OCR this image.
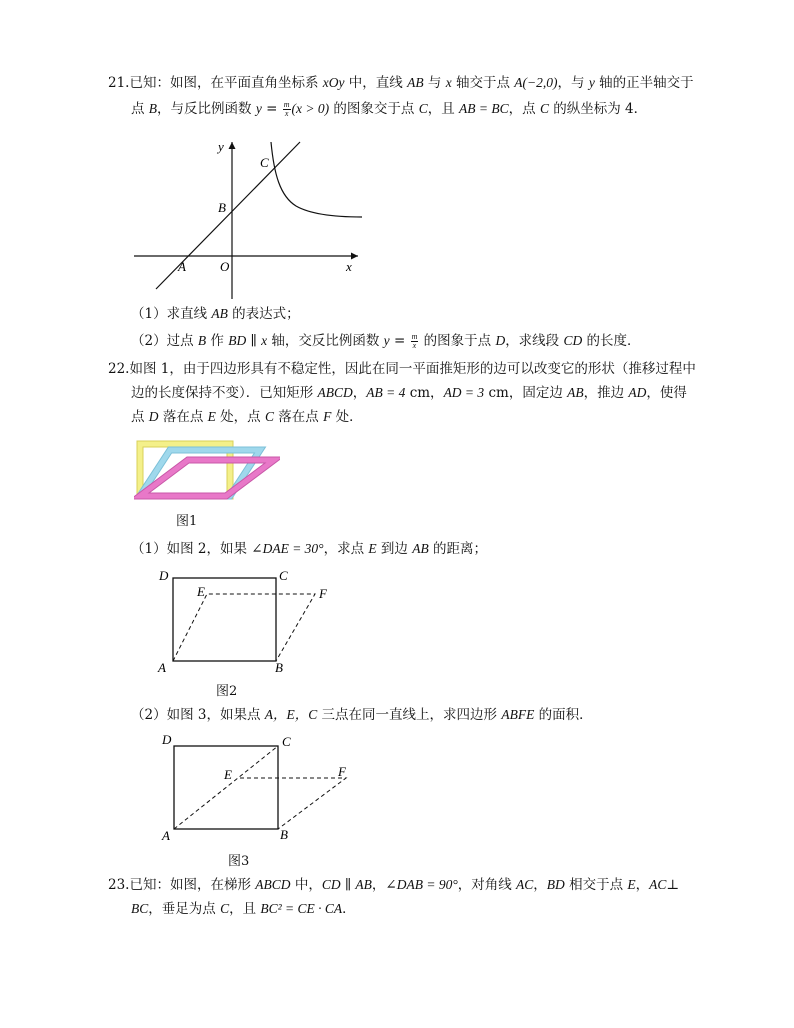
21.已知：如图，在平面直角坐标系 xOy 中，直线 AB 与 x 轴交于点 A(−2,0)，与 y 轴的正半轴交于
点 B，与反比例函数 $y = \frac{m}{x} (x > 0)$ 的图象交于点 C，且 AB = BC，点 C 的纵坐标为 4．
y
C
B
A	O	x
（1）求直线 AB 的表达式；
（2）过点 B 作 BD ∥ x 轴，交反比例函数 $y = \frac{m}{x}$ 的图象于点 D，求线段 CD 的长度．
22.如图 1，由于四边形具有不稳定性，因此在同一平面推矩形的边可以改变它的形状（推移过程中
边的长度保持不变）．已知矩形 ABCD，AB = 4 cm，AD = 3 cm，固定边 AB，推边 AD，使得
点 D 落在点 E 处，点 C 落在点 F 处．
图1
（1）如图 2，如果 ∠DAE = 30°，求点 E 到边 AB 的距离；
D	C
E	F
A	B
图2
（2）如图 3，如果点 A，E，C 三点在同一直线上，求四边形 ABFE 的面积．
D	C
E	F
A	B
图3
23.已知：如图，在梯形 ABCD 中，CD ∥ AB，∠DAB = 90°，对角线 AC，BD 相交于点 E，AC⊥
BC，垂足为点 C，且 BC² = CE · CA．
